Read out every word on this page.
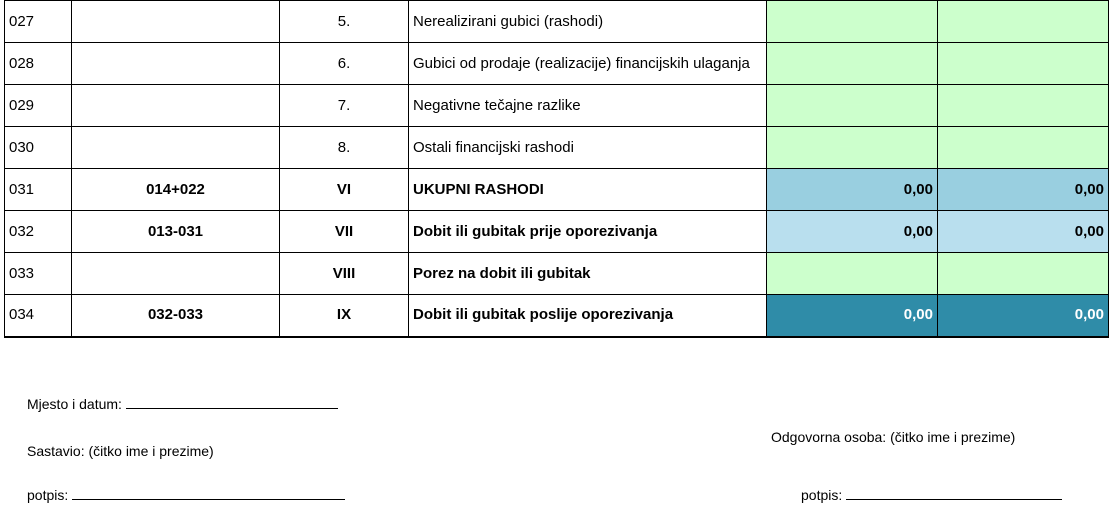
027		5.	Nerealizirani gubici (rashodi)		
028		6.	Gubici od prodaje (realizacije) financijskih ulaganja		
029		7.	Negativne tečajne razlike		
030		8.	Ostali financijski rashodi		
031	014+022	VI	UKUPNI RASHODI	0,00	0,00
032	013-031	VII	Dobit ili gubitak prije oporezivanja	0,00	0,00
033		VIII	Porez na dobit ili gubitak		
034	032-033	IX	Dobit ili gubitak poslije oporezivanja	0,00	0,00
Mjesto i datum:
Sastavio: (čitko ime i prezime)
Odgovorna osoba: (čitko ime i prezime)
potpis:	potpis:
